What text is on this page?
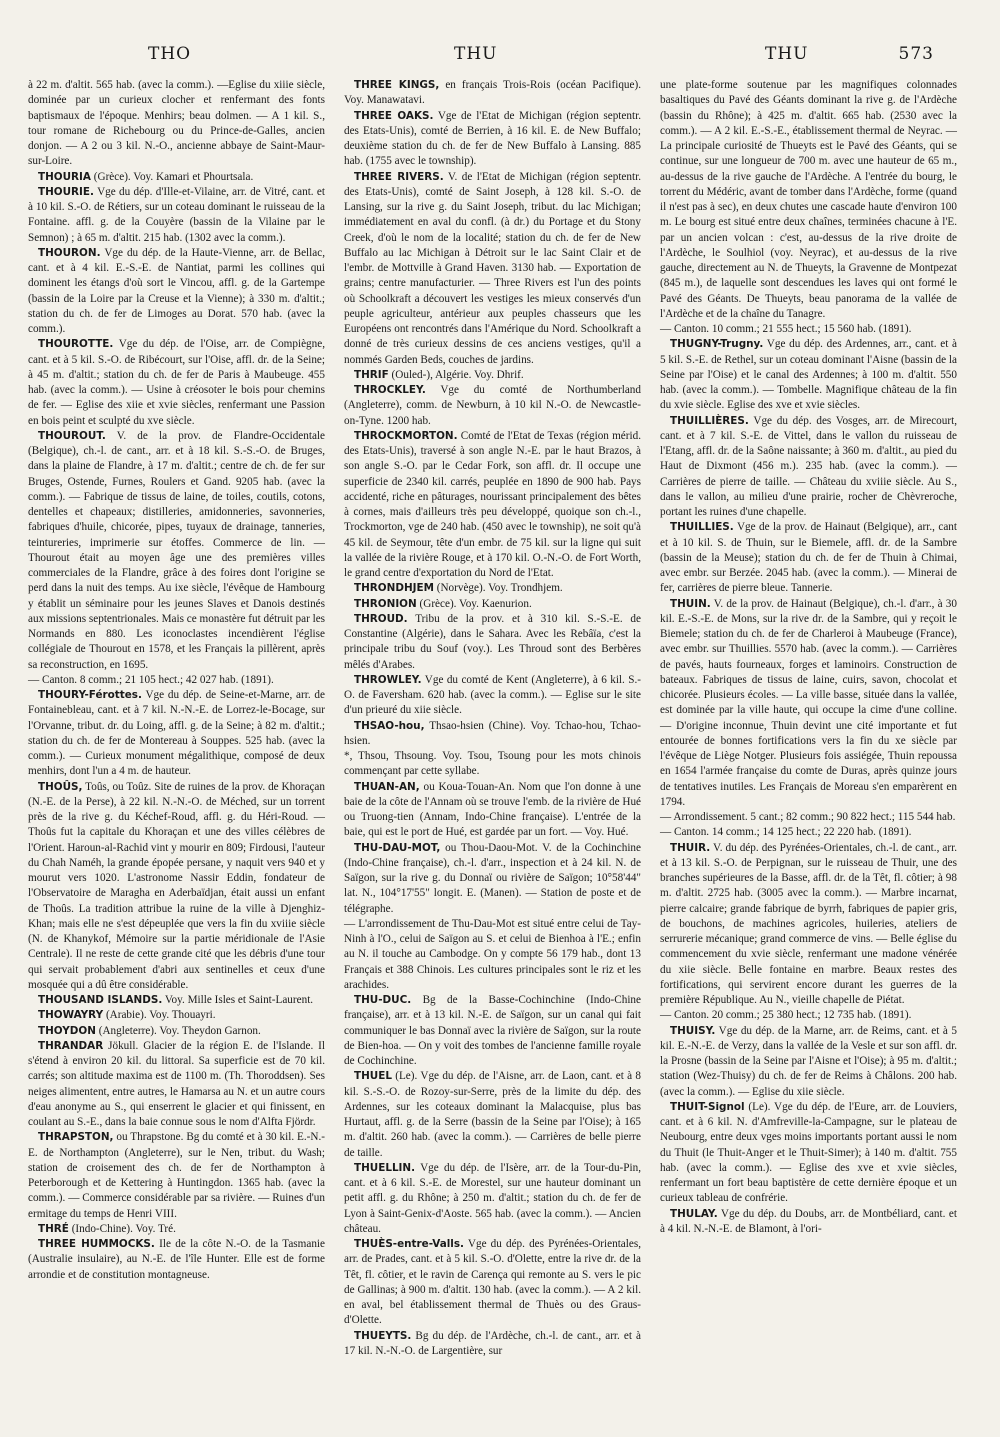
THO	THU	THU	573

à 22 m. d'altit. 565 hab. (avec la comm.). —Eglise du xiiie siècle, dominée par un curieux clocher et renfermant des fonts baptismaux de l'époque. Menhirs; beau dolmen. — A 1 kil. S., tour romane de Richebourg ou du Prince-de-Galles, ancien donjon. — A 2 ou 3 kil. N.-O., ancienne abbaye de Saint-Maur-sur-Loire.

THOURIA (Grèce). Voy. Kamari et Phourtsala.

THOURIE. Vge du dép. d'Ille-et-Vilaine, arr. de Vitré, cant. et à 10 kil. S.-O. de Rétiers, sur un coteau dominant le ruisseau de la Fontaine. affl. g. de la Couyère (bassin de la Vilaine par le Semnon) ; à 65 m. d'altit. 215 hab. (1302 avec la comm.).

THOURON. Vge du dép. de la Haute-Vienne, arr. de Bellac, cant. et à 4 kil. E.-S.-E. de Nantiat, parmi les collines qui dominent les étangs d'où sort le Vincou, affl. g. de la Gartempe (bassin de la Loire par la Creuse et la Vienne); à 330 m. d'altit.; station du ch. de fer de Limoges au Dorat. 570 hab. (avec la comm.).

THOUROTTE. Vge du dép. de l'Oise, arr. de Compiègne, cant. et à 5 kil. S.-O. de Ribécourt, sur l'Oise, affl. dr. de la Seine; à 45 m. d'altit.; station du ch. de fer de Paris à Maubeuge. 455 hab. (avec la comm.). — Usine à créosoter le bois pour chemins de fer. — Eglise des xiie et xvie siècles, renfermant une Passion en bois peint et sculpté du xve siècle.

THOUROUT. V. de la prov. de Flandre-Occidentale (Belgique), ch.-l. de cant., arr. et à 18 kil. S.-S.-O. de Bruges, dans la plaine de Flandre, à 17 m. d'altit.; centre de ch. de fer sur Bruges, Ostende, Furnes, Roulers et Gand. 9205 hab. (avec la comm.). — Fabrique de tissus de laine, de toiles, coutils, cotons, dentelles et chapeaux; distilleries, amidonneries, savonneries, fabriques d'huile, chicorée, pipes, tuyaux de drainage, tanneries, teintureries, imprimerie sur étoffes. Commerce de lin. — Thourout était au moyen âge une des premières villes commerciales de la Flandre, grâce à des foires dont l'origine se perd dans la nuit des temps. Au ixe siècle, l'évêque de Hambourg y établit un séminaire pour les jeunes Slaves et Danois destinés aux missions septentrionales. Mais ce monastère fut détruit par les Normands en 880. Les iconoclastes incendièrent l'église collégiale de Thourout en 1578, et les Français la pillèrent, après sa reconstruction, en 1695.

— Canton. 8 comm.; 21 105 hect.; 42 027 hab. (1891).

THOURY-Férottes. Vge du dép. de Seine-et-Marne, arr. de Fontainebleau, cant. et à 7 kil. N.-N.-E. de Lorrez-le-Bocage, sur l'Orvanne, tribut. dr. du Loing, affl. g. de la Seine; à 82 m. d'altit.; station du ch. de fer de Montereau à Souppes. 525 hab. (avec la comm.). — Curieux monument mégalithique, composé de deux menhirs, dont l'un a 4 m. de hauteur.

THOÛS, Toûs, ou Toûz. Site de ruines de la prov. de Khoraçan (N.-E. de la Perse), à 22 kil. N.-N.-O. de Méched, sur un torrent près de la rive g. du Kéchef-Roud, affl. g. du Héri-Roud. — Thoûs fut la capitale du Khoraçan et une des villes célèbres de l'Orient. Haroun-al-Rachid vint y mourir en 809; Firdousi, l'auteur du Chah Naméh, la grande épopée persane, y naquit vers 940 et y mourut vers 1020. L'astronome Nassir Eddin, fondateur de l'Observatoire de Maragha en Aderbaïdjan, était aussi un enfant de Thoûs. La tradition attribue la ruine de la ville à Djenghiz-Khan; mais elle ne s'est dépeuplée que vers la fin du xviiie siècle (N. de Khanykof, Mémoire sur la partie méridionale de l'Asie Centrale). Il ne reste de cette grande cité que les débris d'une tour qui servait probablement d'abri aux sentinelles et ceux d'une mosquée qui a dû être considérable.

THOUSAND ISLANDS. Voy. Mille Isles et Saint-Laurent.

THOWAYRY (Arabie). Voy. Thouayri.

THOYDON (Angleterre). Voy. Theydon Garnon.

THRANDAR Jökull. Glacier de la région E. de l'Islande. Il s'étend à environ 20 kil. du littoral. Sa superficie est de 70 kil. carrés; son altitude maxima est de 1100 m. (Th. Thoroddsen). Ses neiges alimentent, entre autres, le Hamarsa au N. et un autre cours d'eau anonyme au S., qui enserrent le glacier et qui finissent, en coulant au S.-E., dans la baie connue sous le nom d'Alfta Fjördr.

THRAPSTON, ou Thrapstone. Bg du comté et à 30 kil. E.-N.-E. de Northampton (Angleterre), sur le Nen, tribut. du Wash; station de croisement des ch. de fer de Northampton à Peterborough et de Kettering à Huntingdon. 1365 hab. (avec la comm.). — Commerce considérable par sa rivière. — Ruines d'un ermitage du temps de Henri VIII.

THRÉ (Indo-Chine). Voy. Tré.

THREE HUMMOCKS. Ile de la côte N.-O. de la Tasmanie (Australie insulaire), au N.-E. de l'île Hunter. Elle est de forme arrondie et de constitution montagneuse.

THREE KINGS, en français Trois-Rois (océan Pacifique). Voy. Manawatavi.

THREE OAKS. Vge de l'Etat de Michigan (région septentr. des Etats-Unis), comté de Berrien, à 16 kil. E. de New Buffalo; deuxième station du ch. de fer de New Buffalo à Lansing. 885 hab. (1755 avec le township).

THREE RIVERS. V. de l'Etat de Michigan (région septentr. des Etats-Unis), comté de Saint Joseph, à 128 kil. S.-O. de Lansing, sur la rive g. du Saint Joseph, tribut. du lac Michigan; immédiatement en aval du confl. (à dr.) du Portage et du Stony Creek, d'où le nom de la localité; station du ch. de fer de New Buffalo au lac Michigan à Détroit sur le lac Saint Clair et de l'embr. de Mottville à Grand Haven. 3130 hab. — Exportation de grains; centre manufacturier. — Three Rivers est l'un des points où Schoolkraft a découvert les vestiges les mieux conservés d'un peuple agriculteur, antérieur aux peuples chasseurs que les Européens ont rencontrés dans l'Amérique du Nord. Schoolkraft a donné de très curieux dessins de ces anciens vestiges, qu'il a nommés Garden Beds, couches de jardins.

THRIF (Ouled-), Algérie. Voy. Dhrif.

THROCKLEY. Vge du comté de Northumberland (Angleterre), comm. de Newburn, à 10 kil N.-O. de Newcastle-on-Tyne. 1200 hab.

THROCKMORTON. Comté de l'Etat de Texas (région mérid. des Etats-Unis), traversé à son angle N.-E. par le haut Brazos, à son angle S.-O. par le Cedar Fork, son affl. dr. Il occupe une superficie de 2340 kil. carrés, peuplée en 1890 de 900 hab. Pays accidenté, riche en pâturages, nourissant principalement des bêtes à cornes, mais d'ailleurs très peu développé, quoique son ch.-l., Trockmorton, vge de 240 hab. (450 avec le township), ne soit qu'à 45 kil. de Seymour, tête d'un embr. de 75 kil. sur la ligne qui suit la vallée de la rivière Rouge, et à 170 kil. O.-N.-O. de Fort Worth, le grand centre d'exportation du Nord de l'Etat.

THRONDHJEM (Norvège). Voy. Trondhjem.

THRONION (Grèce). Voy. Kaenurion.

THROUD. Tribu de la prov. et à 310 kil. S.-S.-E. de Constantine (Algérie), dans le Sahara. Avec les Rebâïa, c'est la principale tribu du Souf (voy.). Les Throud sont des Berbères mêlés d'Arabes.

THROWLEY. Vge du comté de Kent (Angleterre), à 6 kil. S.-O. de Faversham. 620 hab. (avec la comm.). — Eglise sur le site d'un prieuré du xiie siècle.

THSAO-hou, Thsao-hsien (Chine). Voy. Tchao-hou, Tchao-hsien.

*, Thsou, Thsoung. Voy. Tsou, Tsoung pour les mots chinois commençant par cette syllabe.

THUAN-AN, ou Koua-Touan-An. Nom que l'on donne à une baie de la côte de l'Annam où se trouve l'emb. de la rivière de Hué ou Truong-tien (Annam, Indo-Chine française). L'entrée de la baie, qui est le port de Hué, est gardée par un fort. — Voy. Hué.

THU-DAU-MOT, ou Thou-Daou-Mot. V. de la Cochinchine (Indo-Chine française), ch.-l. d'arr., inspection et à 24 kil. N. de Saïgon, sur la rive g. du Donnaï ou rivière de Saïgon; 10°58'44" lat. N., 104°17'55" longit. E. (Manen). — Station de poste et de télégraphe.

— L'arrondissement de Thu-Dau-Mot est situé entre celui de Tay-Ninh à l'O., celui de Saïgon au S. et celui de Bienhoa à l'E.; enfin au N. il touche au Cambodge. On y compte 56 179 hab., dont 13 Français et 388 Chinois. Les cultures principales sont le riz et les arachides.

THU-DUC. Bg de la Basse-Cochinchine (Indo-Chine française), arr. et à 13 kil. N.-E. de Saïgon, sur un canal qui fait communiquer le bas Donnaï avec la rivière de Saïgon, sur la route de Bien-hoa. — On y voit des tombes de l'ancienne famille royale de Cochinchine.

THUEL (Le). Vge du dép. de l'Aisne, arr. de Laon, cant. et à 8 kil. S.-S.-O. de Rozoy-sur-Serre, près de la limite du dép. des Ardennes, sur les coteaux dominant la Malacquise, plus bas Hurtaut, affl. g. de la Serre (bassin de la Seine par l'Oise); à 165 m. d'altit. 260 hab. (avec la comm.). — Carrières de belle pierre de taille.

THUELLIN. Vge du dép. de l'Isère, arr. de la Tour-du-Pin, cant. et à 6 kil. S.-E. de Morestel, sur une hauteur dominant un petit affl. g. du Rhône; à 250 m. d'altit.; station du ch. de fer de Lyon à Saint-Genix-d'Aoste. 565 hab. (avec la comm.). — Ancien château.

THUÈS-entre-Valls. Vge du dép. des Pyrénées-Orientales, arr. de Prades, cant. et à 5 kil. S.-O. d'Olette, entre la rive dr. de la Têt, fl. côtier, et le ravin de Carença qui remonte au S. vers le pic de Gallinas; à 900 m. d'altit. 130 hab. (avec la comm.). — A 2 kil. en aval, bel établissement thermal de Thuès ou des Graus-d'Olette.

THUEYTS. Bg du dép. de l'Ardèche, ch.-l. de cant., arr. et à 17 kil. N.-N.-O. de Largentière, sur

une plate-forme soutenue par les magnifiques colonnades basaltiques du Pavé des Géants dominant la rive g. de l'Ardèche (bassin du Rhône); à 425 m. d'altit. 665 hab. (2530 avec la comm.). — A 2 kil. E.-S.-E., établissement thermal de Neyrac. — La principale curiosité de Thueyts est le Pavé des Géants, qui se continue, sur une longueur de 700 m. avec une hauteur de 65 m., au-dessus de la rive gauche de l'Ardèche. A l'entrée du bourg, le torrent du Médéric, avant de tomber dans l'Ardèche, forme (quand il n'est pas à sec), en deux chutes une cascade haute d'environ 100 m. Le bourg est situé entre deux chaînes, terminées chacune à l'E. par un ancien volcan : c'est, au-dessus de la rive droite de l'Ardèche, le Soulhiol (voy. Neyrac), et au-dessus de la rive gauche, directement au N. de Thueyts, la Gravenne de Montpezat (845 m.), de laquelle sont descendues les laves qui ont formé le Pavé des Géants. De Thueyts, beau panorama de la vallée de l'Ardèche et de la chaîne du Tanagre.

— Canton. 10 comm.; 21 555 hect.; 15 560 hab. (1891).

THUGNY-Trugny. Vge du dép. des Ardennes, arr., cant. et à 5 kil. S.-E. de Rethel, sur un coteau dominant l'Aisne (bassin de la Seine par l'Oise) et le canal des Ardennes; à 100 m. d'altit. 550 hab. (avec la comm.). — Tombelle. Magnifique château de la fin du xvie siècle. Eglise des xve et xvie siècles.

THUILLIÈRES. Vge du dép. des Vosges, arr. de Mirecourt, cant. et à 7 kil. S.-E. de Vittel, dans le vallon du ruisseau de l'Etang, affl. dr. de la Saône naissante; à 360 m. d'altit., au pied du Haut de Dixmont (456 m.). 235 hab. (avec la comm.). — Carrières de pierre de taille. — Château du xviiie siècle. Au S., dans le vallon, au milieu d'une prairie, rocher de Chèvreroche, portant les ruines d'une chapelle.

THUILLIES. Vge de la prov. de Hainaut (Belgique), arr., cant et à 10 kil. S. de Thuin, sur le Biemele, affl. dr. de la Sambre (bassin de la Meuse); station du ch. de fer de Thuin à Chimai, avec embr. sur Berzée. 2045 hab. (avec la comm.). — Minerai de fer, carrières de pierre bleue. Tannerie.

THUIN. V. de la prov. de Hainaut (Belgique), ch.-l. d'arr., à 30 kil. E.-S.-E. de Mons, sur la rive dr. de la Sambre, qui y reçoit le Biemele; station du ch. de fer de Charleroi à Maubeuge (France), avec embr. sur Thuillies. 5570 hab. (avec la comm.). — Carrières de pavés, hauts fourneaux, forges et laminoirs. Construction de bateaux. Fabriques de tissus de laine, cuirs, savon, chocolat et chicorée. Plusieurs écoles. — La ville basse, située dans la vallée, est dominée par la ville haute, qui occupe la cime d'une colline. — D'origine inconnue, Thuin devint une cité importante et fut entourée de bonnes fortifications vers la fin du xe siècle par l'évêque de Liège Notger. Plusieurs fois assiégée, Thuin repoussa en 1654 l'armée française du comte de Duras, après quinze jours de tentatives inutiles. Les Français de Moreau s'en emparèrent en 1794.

— Arrondissement. 5 cant.; 82 comm.; 90 822 hect.; 115 544 hab.

— Canton. 14 comm.; 14 125 hect.; 22 220 hab. (1891).

THUIR. V. du dép. des Pyrénées-Orientales, ch.-l. de cant., arr. et à 13 kil. S.-O. de Perpignan, sur le ruisseau de Thuir, une des branches supérieures de la Basse, affl. dr. de la Têt, fl. côtier; à 98 m. d'altit. 2725 hab. (3005 avec la comm.). — Marbre incarnat, pierre calcaire; grande fabrique de byrrh, fabriques de papier gris, de bouchons, de machines agricoles, huileries, ateliers de serrurerie mécanique; grand commerce de vins. — Belle église du commencement du xvie siècle, renfermant une madone vénérée du xiie siècle. Belle fontaine en marbre. Beaux restes des fortifications, qui servirent encore durant les guerres de la première République. Au N., vieille chapelle de Piétat.

— Canton. 20 comm.; 25 380 hect.; 12 735 hab. (1891).

THUISY. Vge du dép. de la Marne, arr. de Reims, cant. et à 5 kil. E.-N.-E. de Verzy, dans la vallée de la Vesle et sur son affl. dr. la Prosne (bassin de la Seine par l'Aisne et l'Oise); à 95 m. d'altit.; station (Wez-Thuisy) du ch. de fer de Reims à Châlons. 200 hab. (avec la comm.). — Eglise du xiie siècle.

THUIT-Signol (Le). Vge du dép. de l'Eure, arr. de Louviers, cant. et à 6 kil. N. d'Amfreville-la-Campagne, sur le plateau de Neubourg, entre deux vges moins importants portant aussi le nom du Thuit (le Thuit-Anger et le Thuit-Simer); à 140 m. d'altit. 755 hab. (avec la comm.). — Eglise des xve et xvie siècles, renfermant un fort beau baptistère de cette dernière époque et un curieux tableau de confrérie.

THULAY. Vge du dép. du Doubs, arr. de Montbéliard, cant. et à 4 kil. N.-N.-E. de Blamont, à l'ori-
